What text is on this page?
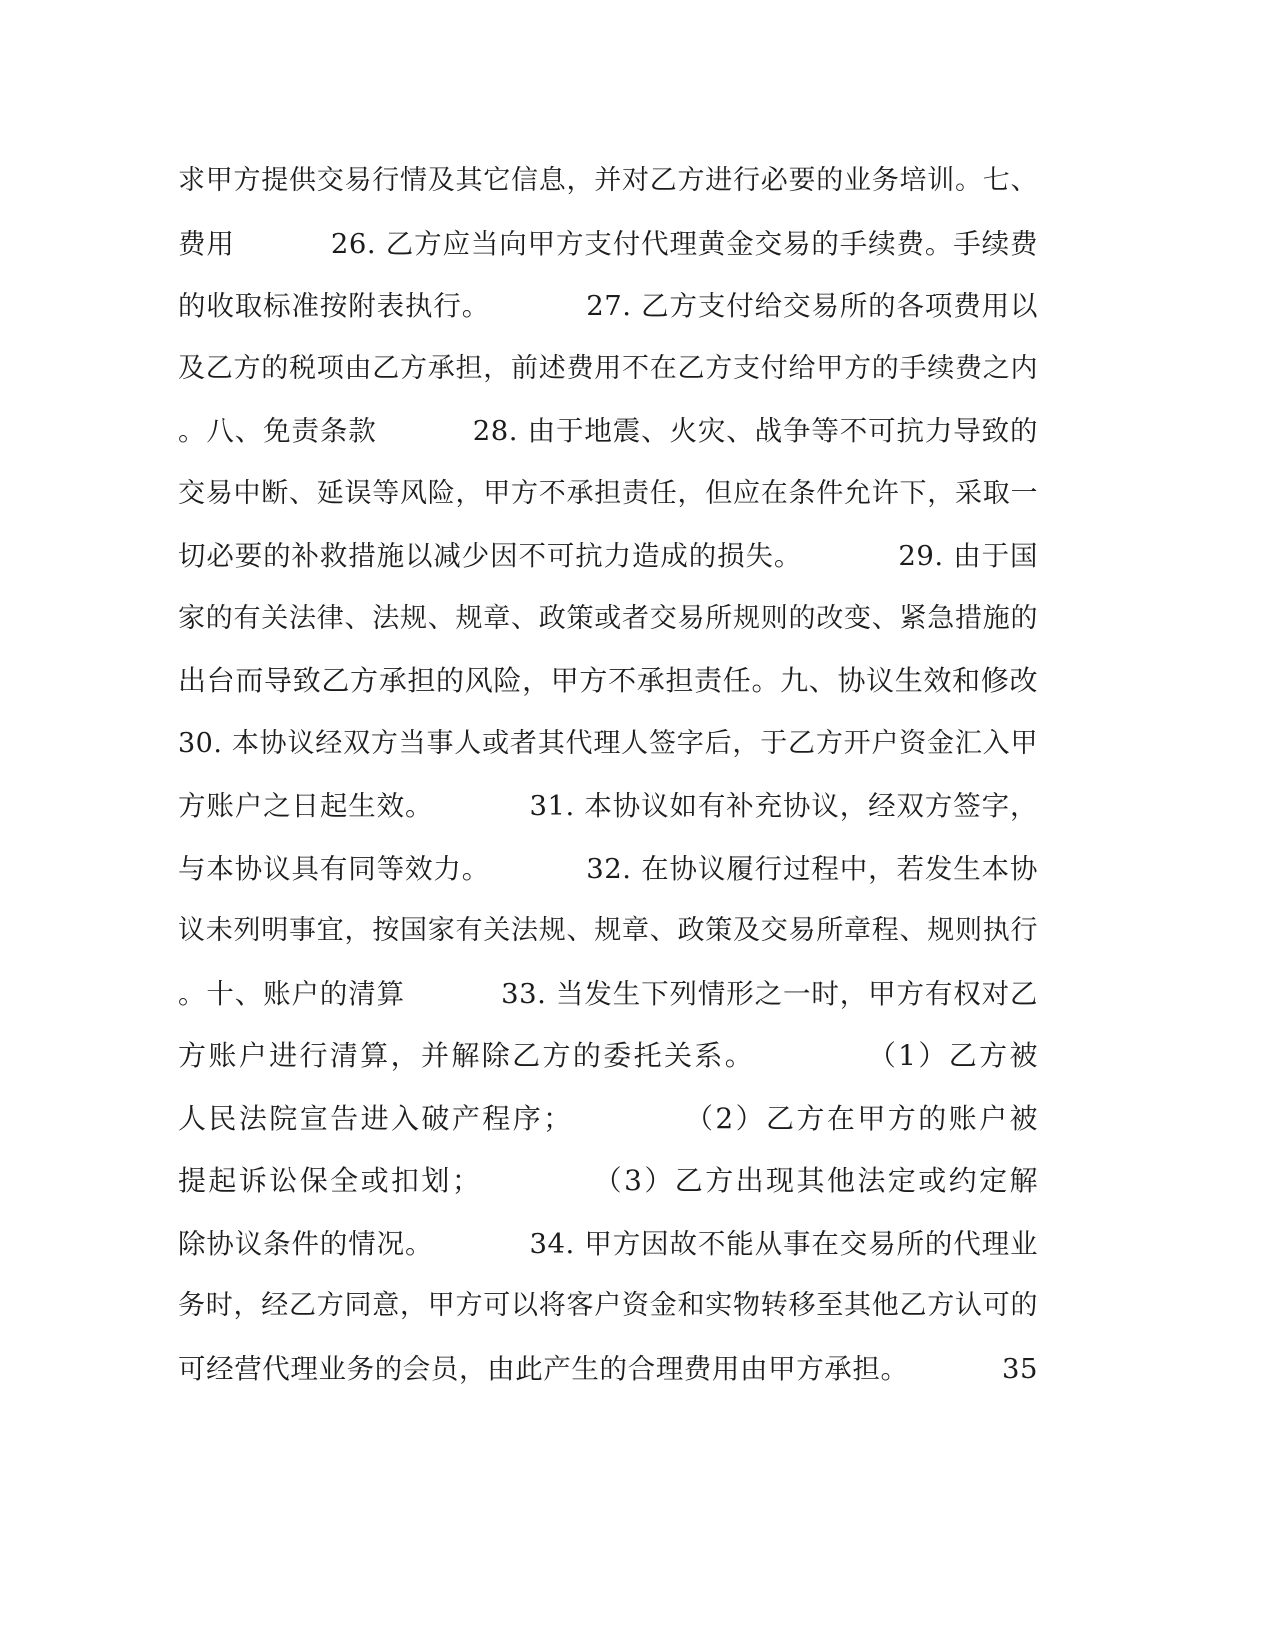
求甲方提供交易行情及其它信息，并对乙方进行必要的业务培训。七、
费用          26. 乙方应当向甲方支付代理黄金交易的手续费。手续费
的收取标准按附表执行。          27. 乙方支付给交易所的各项费用以
及乙方的税项由乙方承担，前述费用不在乙方支付给甲方的手续费之内
。八、免责条款          28. 由于地震、火灾、战争等不可抗力导致的
交易中断、延误等风险，甲方不承担责任，但应在条件允许下，采取一
切必要的补救措施以减少因不可抗力造成的损失。          29. 由于国
家的有关法律、法规、规章、政策或者交易所规则的改变、紧急措施的
出台而导致乙方承担的风险，甲方不承担责任。九、协议生效和修改
30. 本协议经双方当事人或者其代理人签字后，于乙方开户资金汇入甲
方账户之日起生效。          31. 本协议如有补充协议，经双方签字，
与本协议具有同等效力。          32. 在协议履行过程中，若发生本协
议未列明事宜，按国家有关法规、规章、政策及交易所章程、规则执行
。十、账户的清算          33. 当发生下列情形之一时，甲方有权对乙
方账户进行清算，并解除乙方的委托关系。          （1）乙方被
人民法院宣告进入破产程序；          （2）乙方在甲方的账户被
提起诉讼保全或扣划；          （3）乙方出现其他法定或约定解
除协议条件的情况。          34. 甲方因故不能从事在交易所的代理业
务时，经乙方同意，甲方可以将客户资金和实物转移至其他乙方认可的
可经营代理业务的会员，由此产生的合理费用由甲方承担。          35
